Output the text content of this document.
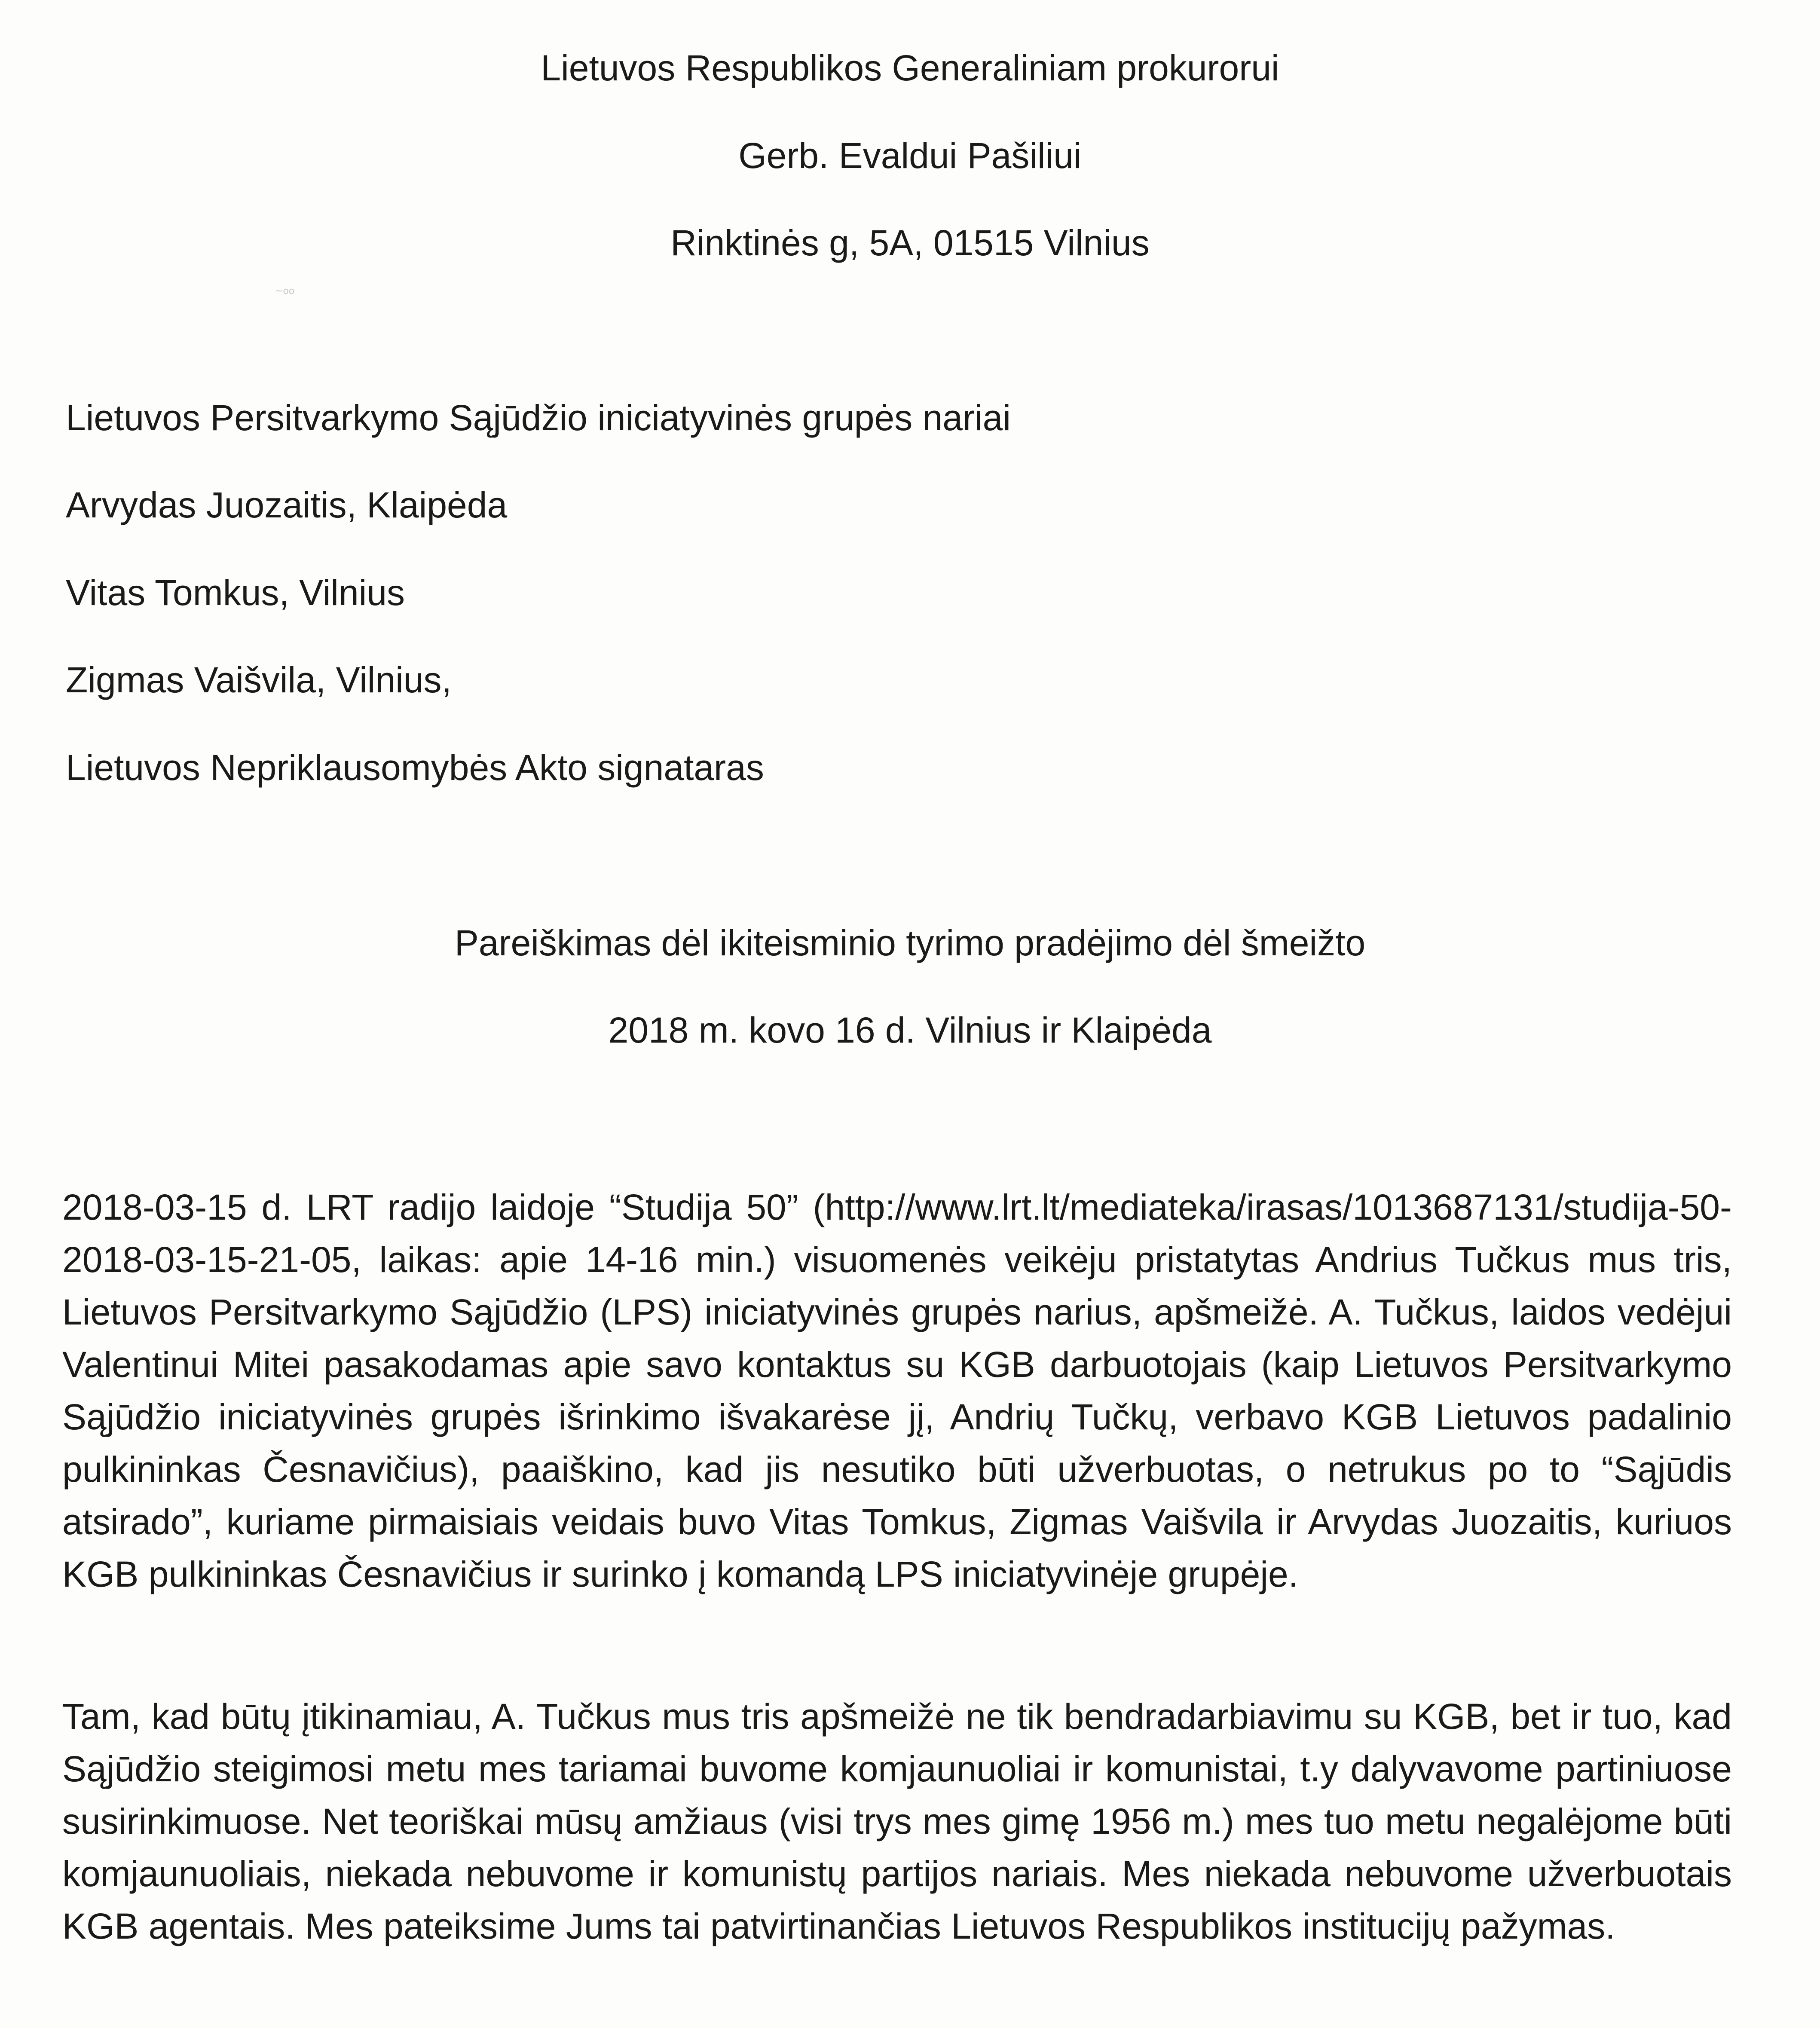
Lietuvos Respublikos Generaliniam prokurorui
Gerb. Evaldui Pašiliui
Rinktinės g, 5A, 01515 Vilnius
~oo
Lietuvos Persitvarkymo Sąjūdžio iniciatyvinės grupės nariai
Arvydas Juozaitis, Klaipėda
Vitas Tomkus, Vilnius
Zigmas Vaišvila, Vilnius,
Lietuvos Nepriklausomybės Akto signataras
Pareiškimas dėl ikiteisminio tyrimo pradėjimo dėl šmeižto
2018 m. kovo 16 d. Vilnius ir Klaipėda
2018-03-15 d. LRT radijo laidoje “Studija 50” (http://www.lrt.lt/mediateka/irasas/1013687131/studija-50-2018-03-15-21-05, laikas: apie 14-16 min.) visuomenės veikėju pristatytas Andrius Tučkus mus tris, Lietuvos Persitvarkymo Sąjūdžio (LPS) iniciatyvinės grupės narius, apšmeižė. A. Tučkus, laidos vedėjui Valentinui Mitei pasakodamas apie savo kontaktus su KGB darbuotojais (kaip Lietuvos Persitvarkymo Sąjūdžio iniciatyvinės grupės išrinkimo išvakarėse jį, Andrių Tučkų, verbavo KGB Lietuvos padalinio pulkininkas Česnavičius), paaiškino, kad jis nesutiko būti užverbuotas, o netrukus po to “Sąjūdis atsirado”, kuriame pirmaisiais veidais buvo Vitas Tomkus, Zigmas Vaišvila ir Arvydas Juozaitis, kuriuos KGB pulkininkas Česnavičius ir surinko į komandą LPS iniciatyvinėje grupėje.
Tam, kad būtų įtikinamiau, A. Tučkus mus tris apšmeižė ne tik bendradarbiavimu su KGB, bet ir tuo, kad Sąjūdžio steigimosi metu mes tariamai buvome komjaunuoliai ir komunistai, t.y dalyvavome partiniuose susirinkimuose. Net teoriškai mūsų amžiaus (visi trys mes gimę 1956 m.) mes tuo metu negalėjome būti komjaunuoliais, niekada nebuvome ir komunistų partijos nariais. Mes niekada nebuvome užverbuotais KGB agentais. Mes pateiksime Jums tai patvirtinančias Lietuvos Respublikos institucijų pažymas.
